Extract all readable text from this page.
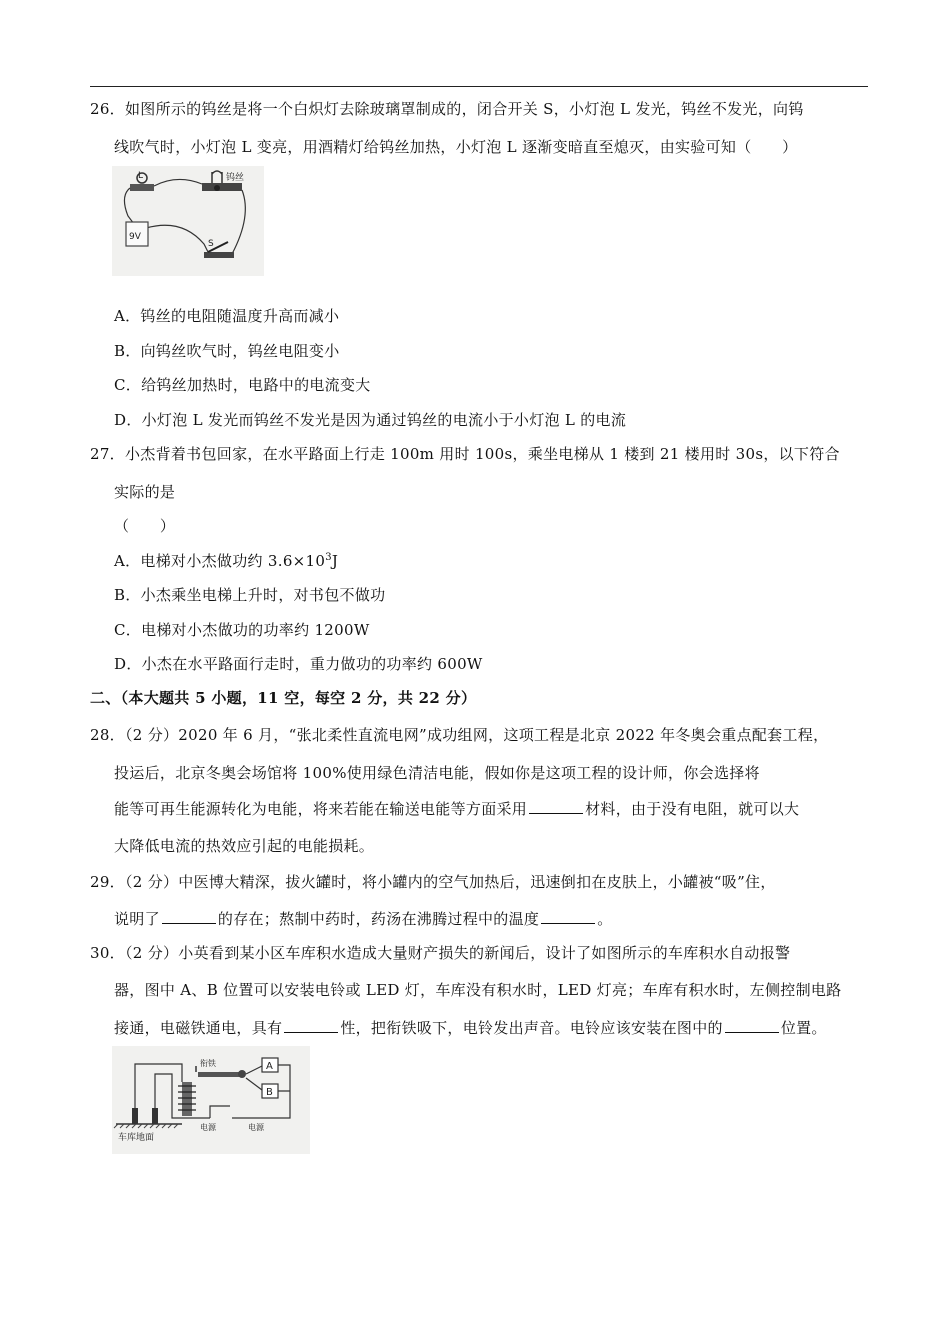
26．如图所示的钨丝是将一个白炽灯去除玻璃罩制成的，闭合开关 S，小灯泡 L 发光，钨丝不发光，向钨
线吹气时，小灯泡 L 变亮，用酒精灯给钨丝加热，小灯泡 L 逐渐变暗直至熄灭，由实验可知（　　）
L	钨丝
9V
S
A．钨丝的电阻随温度升高而减小
B．向钨丝吹气时，钨丝电阻变小
C．给钨丝加热时，电路中的电流变大
D．小灯泡 L 发光而钨丝不发光是因为通过钨丝的电流小于小灯泡 L 的电流
27．小杰背着书包回家，在水平路面上行走 100m 用时 100s，乘坐电梯从 1 楼到 21 楼用时 30s，以下符合
实际的是
（　　）
A．电梯对小杰做功约 $3.6\times 10^3J$
B．小杰乘坐电梯上升时，对书包不做功
C．电梯对小杰做功的功率约 1200W
D．小杰在水平路面行走时，重力做功的功率约 600W
二、（本大题共 5 小题，11 空，每空 2 分，共 22 分）
28．（2 分）2020 年 6 月，“张北柔性直流电网”成功组网，这项工程是北京 2022 年冬奥会重点配套工程，
投运后，北京冬奥会场馆将 100%使用绿色清洁电能，假如你是这项工程的设计师，你会选择将
能等可再生能源转化为电能，将来若能在输送电能等方面采用	材料，由于没有电阻，就可以大
大降低电流的热效应引起的电能损耗。
29．（2 分）中医博大精深，拔火罐时，将小罐内的空气加热后，迅速倒扣在皮肤上，小罐被“吸”住，
说明了	的存在；熬制中药时，药汤在沸腾过程中的温度	。
30．（2 分）小英看到某小区车库积水造成大量财产损失的新闻后，设计了如图所示的车库积水自动报警
器，图中 A、B 位置可以安装电铃或 LED 灯，车库没有积水时，LED 灯亮；车库有积水时，左侧控制电路
接通，电磁铁通电，具有	性，把衔铁吸下，电铃发出声音。电铃应该安装在图中的	位置。
A
B
衔铁
电源	电源
车库地面
